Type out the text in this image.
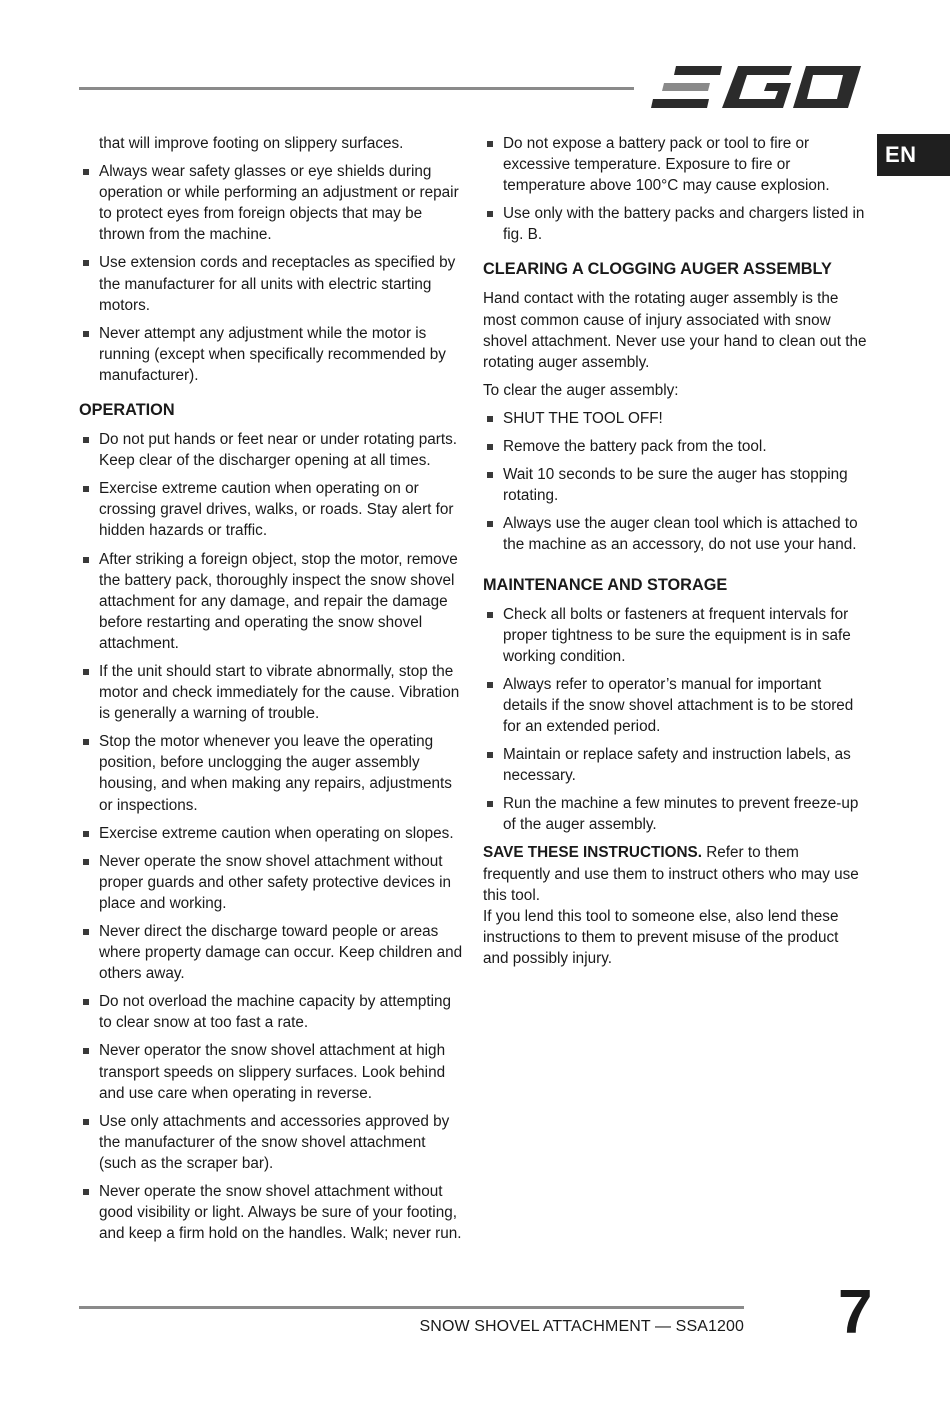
EN

that will improve footing on slippery surfaces.

Always wear safety glasses or eye shields during operation or while performing an adjustment or repair to protect eyes from foreign objects that may be thrown from the machine.
Use extension cords and receptacles as specified by the manufacturer for all units with electric starting motors.
Never attempt any adjustment while the motor is running (except when specifically recommended by manufacturer).
OPERATION
Do not put hands or feet near or under rotating parts. Keep clear of the discharger opening at all times.
Exercise extreme caution when operating on or crossing gravel drives, walks, or roads. Stay alert for hidden hazards or traffic.
After striking a foreign object, stop the motor, remove the battery pack, thoroughly inspect the snow shovel attachment for any damage, and repair the damage before restarting and operating the snow shovel attachment.
If the unit should start to vibrate abnormally, stop the motor and check immediately for the cause. Vibration is generally a warning of trouble.
Stop the motor whenever you leave the operating position, before unclogging the auger assembly housing, and when making any repairs, adjustments or inspections.
Exercise extreme caution when operating on slopes.
Never operate the snow shovel attachment without proper guards and other safety protective devices in place and working.
Never direct the discharge toward people or areas where property damage can occur. Keep children and others away.
Do not overload the machine capacity by attempting to clear snow at too fast a rate.
Never operator the snow shovel attachment at high transport speeds on slippery surfaces. Look behind and use care when operating in reverse.
Use only attachments and accessories approved by the manufacturer of the snow shovel attachment (such as the scraper bar).
Never operate the snow shovel attachment without good visibility or light. Always be sure of your footing, and keep a firm hold on the handles. Walk; never run.
Do not expose a battery pack or tool to fire or excessive temperature. Exposure to fire or temperature above 100°C may cause explosion.
Use only with the battery packs and chargers listed in fig. B.
CLEARING A CLOGGING AUGER ASSEMBLY

Hand contact with the rotating auger assembly is the most common cause of injury associated with snow shovel attachment. Never use your hand to clean out the rotating auger assembly.

To clear the auger assembly:

SHUT THE TOOL OFF!
Remove the battery pack from the tool.
Wait 10 seconds to be sure the auger has stopping rotating.
Always use the auger clean tool which is attached to the machine as an accessory, do not use your hand.
MAINTENANCE AND STORAGE
Check all bolts or fasteners at frequent intervals for proper tightness to be sure the equipment is in safe working condition.
Always refer to operator’s manual for important details if the snow shovel attachment is to be stored for an extended period.
Maintain or replace safety and instruction labels, as necessary.
Run the machine a few minutes to prevent freeze-up of the auger assembly.

SAVE THESE INSTRUCTIONS. Refer to them frequently and use them to instruct others who may use this tool.
If you lend this tool to someone else, also lend these instructions to them to prevent misuse of the product and possibly injury.

SNOW SHOVEL ATTACHMENT — SSA1200 7
